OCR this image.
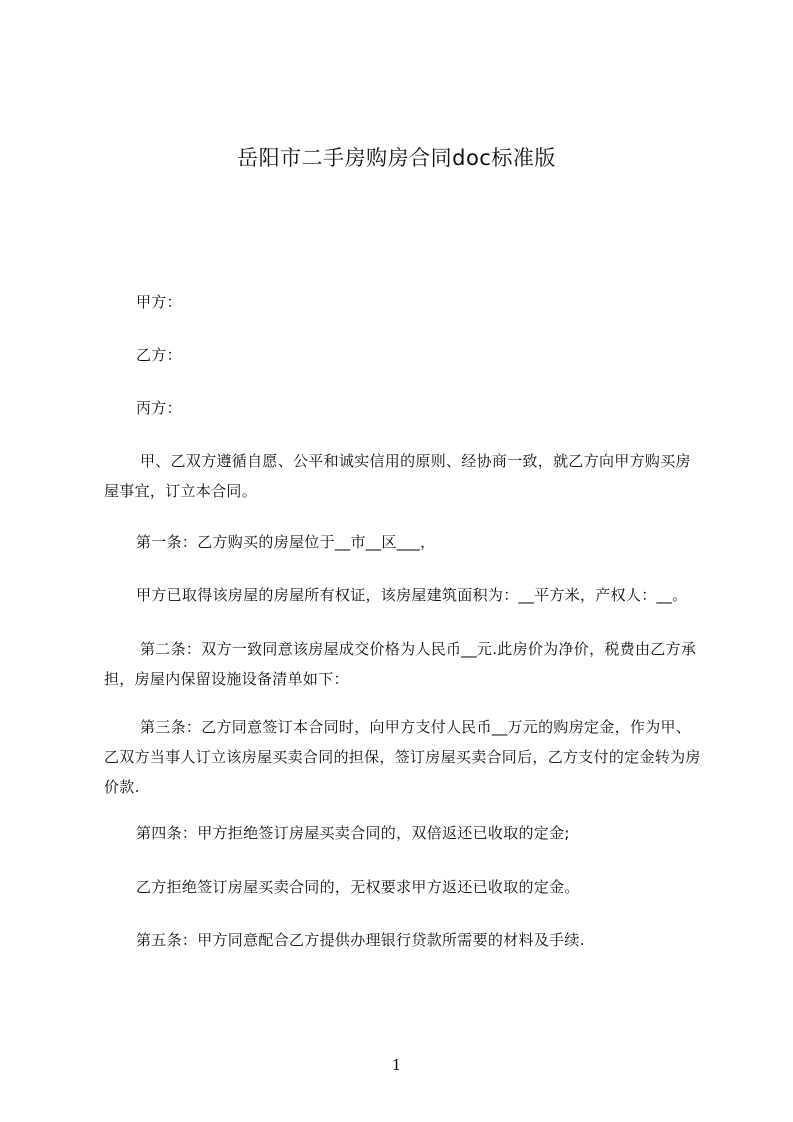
岳阳市二手房购房合同doc标准版
甲方：
乙方：
丙方：
甲、乙双方遵循自愿、公平和诚实信用的原则、经协商一致，就乙方向甲方购买房屋事宜，订立本合同。
第一条：乙方购买的房屋位于__市__区___，
甲方已取得该房屋的房屋所有权证，该房屋建筑面积为：__平方米，产权人：__。
第二条：双方一致同意该房屋成交价格为人民币__元.此房价为净价，税费由乙方承担，房屋内保留设施设备清单如下：
第三条：乙方同意签订本合同时，向甲方支付人民币__万元的购房定金，作为甲、乙双方当事人订立该房屋买卖合同的担保，签订房屋买卖合同后，乙方支付的定金转为房价款.
第四条：甲方拒绝签订房屋买卖合同的，双倍返还已收取的定金;
乙方拒绝签订房屋买卖合同的，无权要求甲方返还已收取的定金。
第五条：甲方同意配合乙方提供办理银行贷款所需要的材料及手续.
1
